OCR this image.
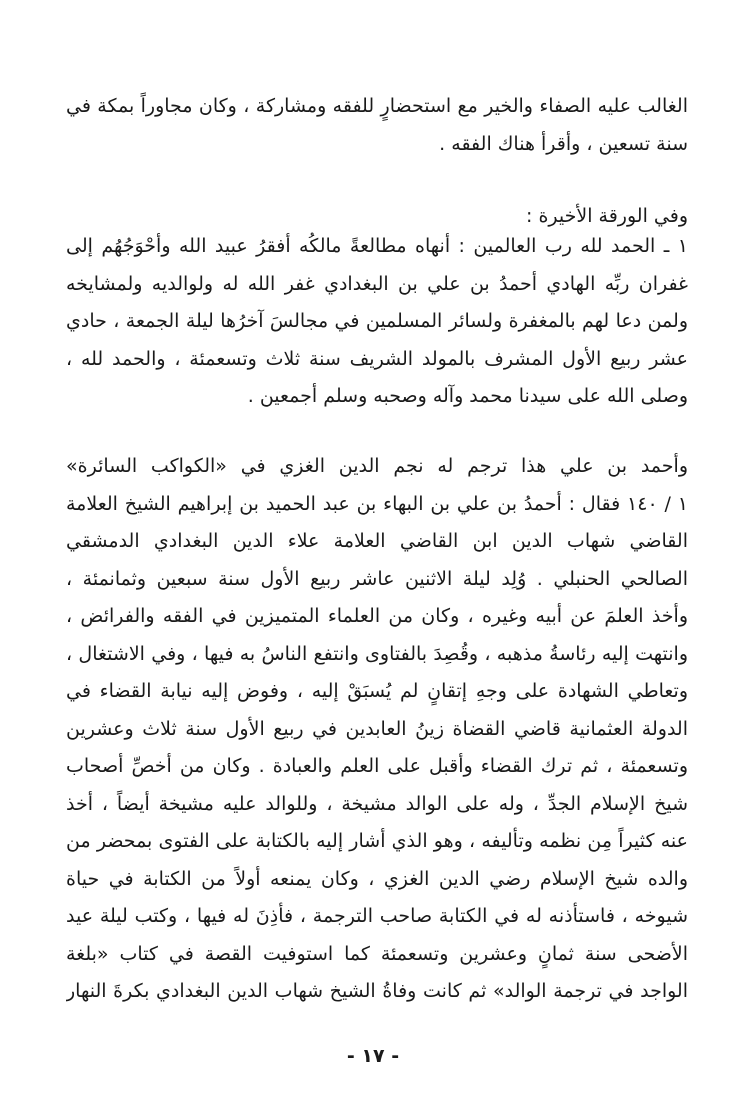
الغالب عليه الصفاء والخير مع استحضارٍ للفقه ومشاركة ، وكان مجاوراً بمكة في
سنة تسعين ، وأقرأ هناك الفقه .
وفي الورقة الأخيرة :
١ ـ الحمد لله رب العالمين : أنهاه مطالعةً مالكُه أفقرُ عبيد الله وأحْوَجُهُم إلى
غفران ربِّه الهادي أحمدُ بن علي بن البغدادي غفر الله له ولوالديه ولمشايخه
ولمن دعا لهم بالمغفرة ولسائر المسلمين في مجالسَ آخرُها ليلة الجمعة ، حادي
عشر ربيع الأول المشرف بالمولد الشريف سنة ثلاث وتسعمئة ، والحمد لله ،
وصلى الله على سيدنا محمد وآله وصحبه وسلم أجمعين .
وأحمد بن علي هذا ترجم له نجم الدين الغزي في «الكواكب السائرة»
١ / ١٤٠ فقال : أحمدُ بن علي بن البهاء بن عبد الحميد بن إبراهيم الشيخ العلامة
القاضي شهاب الدين ابن القاضي العلامة علاء الدين البغدادي الدمشقي
الصالحي الحنبلي . وُلِد ليلة الاثنين عاشر ربيع الأول سنة سبعين وثمانمئة ،
وأخذ العلمَ عن أبيه وغيره ، وكان من العلماء المتميزين في الفقه والفرائض ،
وانتهت إليه رئاسةُ مذهبه ، وقُصِدَ بالفتاوى وانتفع الناسُ به فيها ، وفي الاشتغال ،
وتعاطي الشهادة على وجهِ إتقانٍ لم يُسبَقْ إليه ، وفوض إليه نيابة القضاء في
الدولة العثمانية قاضي القضاة زينُ العابدين في ربيع الأول سنة ثلاث وعشرين
وتسعمئة ، ثم ترك القضاء وأقبل على العلم والعبادة . وكان من أخصِّ أصحاب
شيخ الإسلام الجدِّ ، وله على الوالد مشيخة ، وللوالد عليه مشيخة أيضاً ، أخذ
عنه كثيراً مِن نظمه وتأليفه ، وهو الذي أشار إليه بالكتابة على الفتوى بمحضر من
والده شيخ الإسلام رضي الدين الغزي ، وكان يمنعه أولاً من الكتابة في حياة
شيوخه ، فاستأذنه له في الكتابة صاحب الترجمة ، فأذِنَ له فيها ، وكتب ليلة عيد
الأضحى سنة ثمانٍ وعشرين وتسعمئة كما استوفيت القصة في كتاب «بلغة
الواجد في ترجمة الوالد» ثم كانت وفاةُ الشيخ شهاب الدين البغدادي بكرةَ النهار
- ١٧ -
